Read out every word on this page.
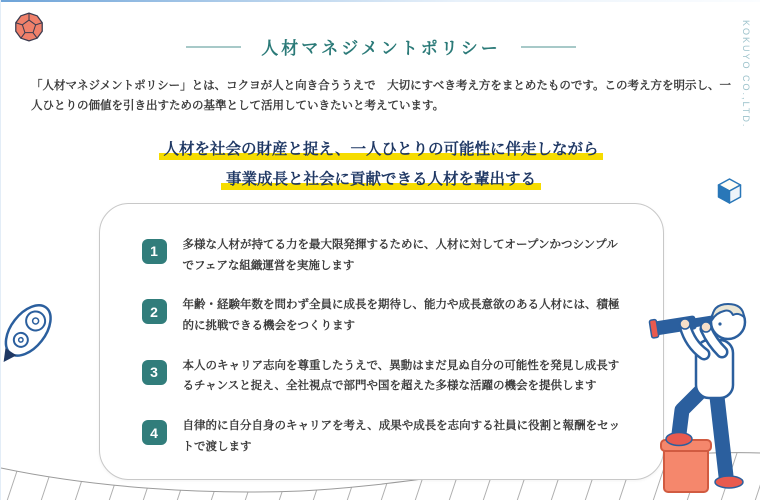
KOKUYO CO.,LTD.
人材マネジメントポリシー

「人材マネジメントポリシー」とは、コクヨが人と向き合ううえで　大切にすべき考え方をまとめたものです。この考え方を明示し、一人ひとりの価値を引き出すための基準として活用していきたいと考えています。

人材を社会の財産と捉え、一人ひとりの可能性に伴走しながら
事業成長と社会に貢献できる人材を輩出する
1	多様な人材が持てる力を最大限発揮するために、人材に対してオープンかつシンプルでフェアな組織運営を実施します
2	年齢・経験年数を問わず全員に成長を期待し、能力や成長意欲のある人材には、積極的に挑戦できる機会をつくります
3	本人のキャリア志向を尊重したうえで、異動はまだ見ぬ自分の可能性を発見し成長するチャンスと捉え、全社視点で部門や国を超えた多様な活躍の機会を提供します
4	自律的に自分自身のキャリアを考え、成果や成長を志向する社員に役割と報酬をセットで渡します
